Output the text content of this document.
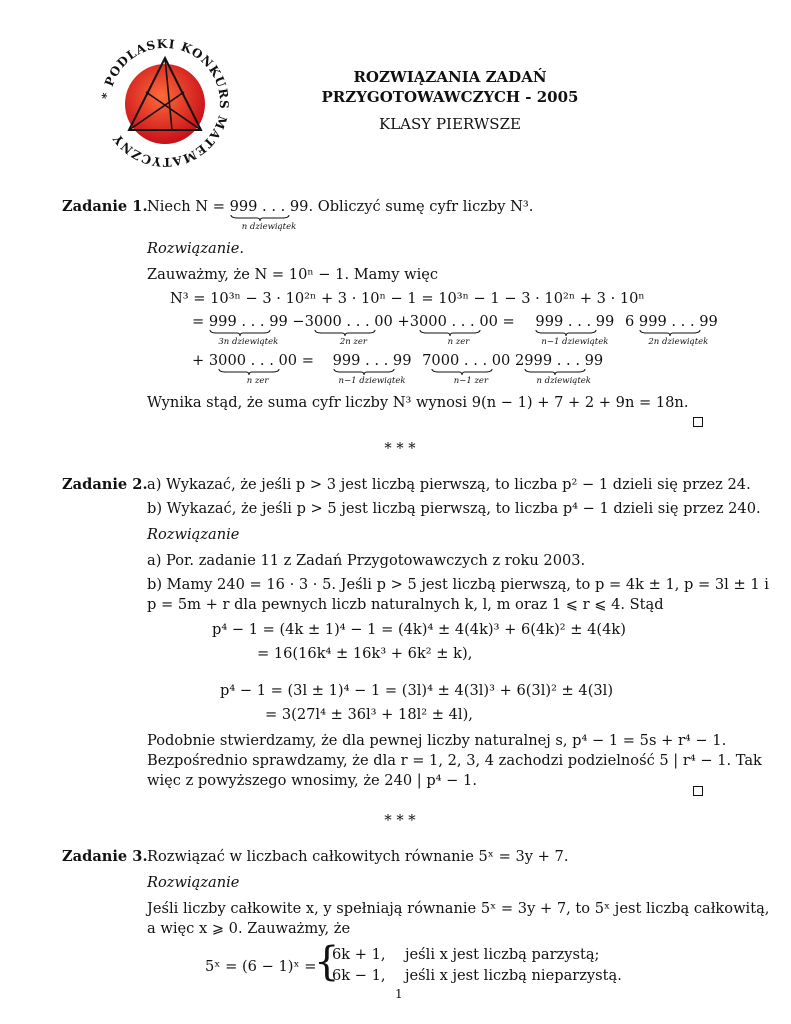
* PODLASKI KONKURS MATEMATYCZNY
ROZWIĄZANIA ZADAŃ
PRZYGOTOWAWCZYCH - 2005
KLASY PIERWSZE
Zadanie 1. Niech N = 999 . . . 99
n dziewiątek
. Obliczyć sumę cyfr liczby N³.
Rozwiązanie.
Zauważmy, że N = 10ⁿ − 1. Mamy więc
N³ = 10³ⁿ − 3 · 10²ⁿ + 3 · 10ⁿ − 1 = 10³ⁿ − 1 − 3 · 10²ⁿ + 3 · 10ⁿ
= 999 . . . 99
3n dziewiątek
−3 000 . . . 00
2n zer
+3 000 . . . 00
n zer
= 999 . . . 99
n−1 dziewiątek
6 999 . . . 99
2n dziewiątek
+ 3 000 . . . 00
n zer
= 999 . . . 99
n−1 dziewiątek
7 000 . . . 00
n−1 zer
2 999 . . . 99
n dziewiątek
Wynika stąd, że suma cyfr liczby N³ wynosi 9(n − 1) + 7 + 2 + 9n = 18n.
* * *
Zadanie 2. a) Wykazać, że jeśli p > 3 jest liczbą pierwszą, to liczba p² − 1 dzieli się przez 24.
b) Wykazać, że jeśli p > 5 jest liczbą pierwszą, to liczba p⁴ − 1 dzieli się przez 240.
Rozwiązanie
a) Por. zadanie 11 z Zadań Przygotowawczych z roku 2003.
b) Mamy 240 = 16 · 3 · 5. Jeśli p > 5 jest liczbą pierwszą, to p = 4k ± 1, p = 3l ± 1 i
p = 5m + r dla pewnych liczb naturalnych k, l, m oraz 1 ⩽ r ⩽ 4. Stąd
p⁴ − 1 = (4k ± 1)⁴ − 1 = (4k)⁴ ± 4(4k)³ + 6(4k)² ± 4(4k)
= 16(16k⁴ ± 16k³ + 6k² ± k),
p⁴ − 1 = (3l ± 1)⁴ − 1 = (3l)⁴ ± 4(3l)³ + 6(3l)² ± 4(3l)
= 3(27l⁴ ± 36l³ + 18l² ± 4l),
Podobnie stwierdzamy, że dla pewnej liczby naturalnej s, p⁴ − 1 = 5s + r⁴ − 1.
Bezpośrednio sprawdzamy, że dla r = 1, 2, 3, 4 zachodzi podzielność 5 | r⁴ − 1. Tak
więc z powyższego wnosimy, że 240 | p⁴ − 1.
* * *
Zadanie 3. Rozwiązać w liczbach całkowitych równanie 5ˣ = 3y + 7.
Rozwiązanie
Jeśli liczby całkowite x, y spełniają równanie 5ˣ = 3y + 7, to 5ˣ jest liczbą całkowitą,
a więc x ⩾ 0. Zauważmy, że
5ˣ = (6 − 1)ˣ =
{
6k + 1, jeśli x jest liczbą parzystą;
6k − 1, jeśli x jest liczbą nieparzystą.
1
